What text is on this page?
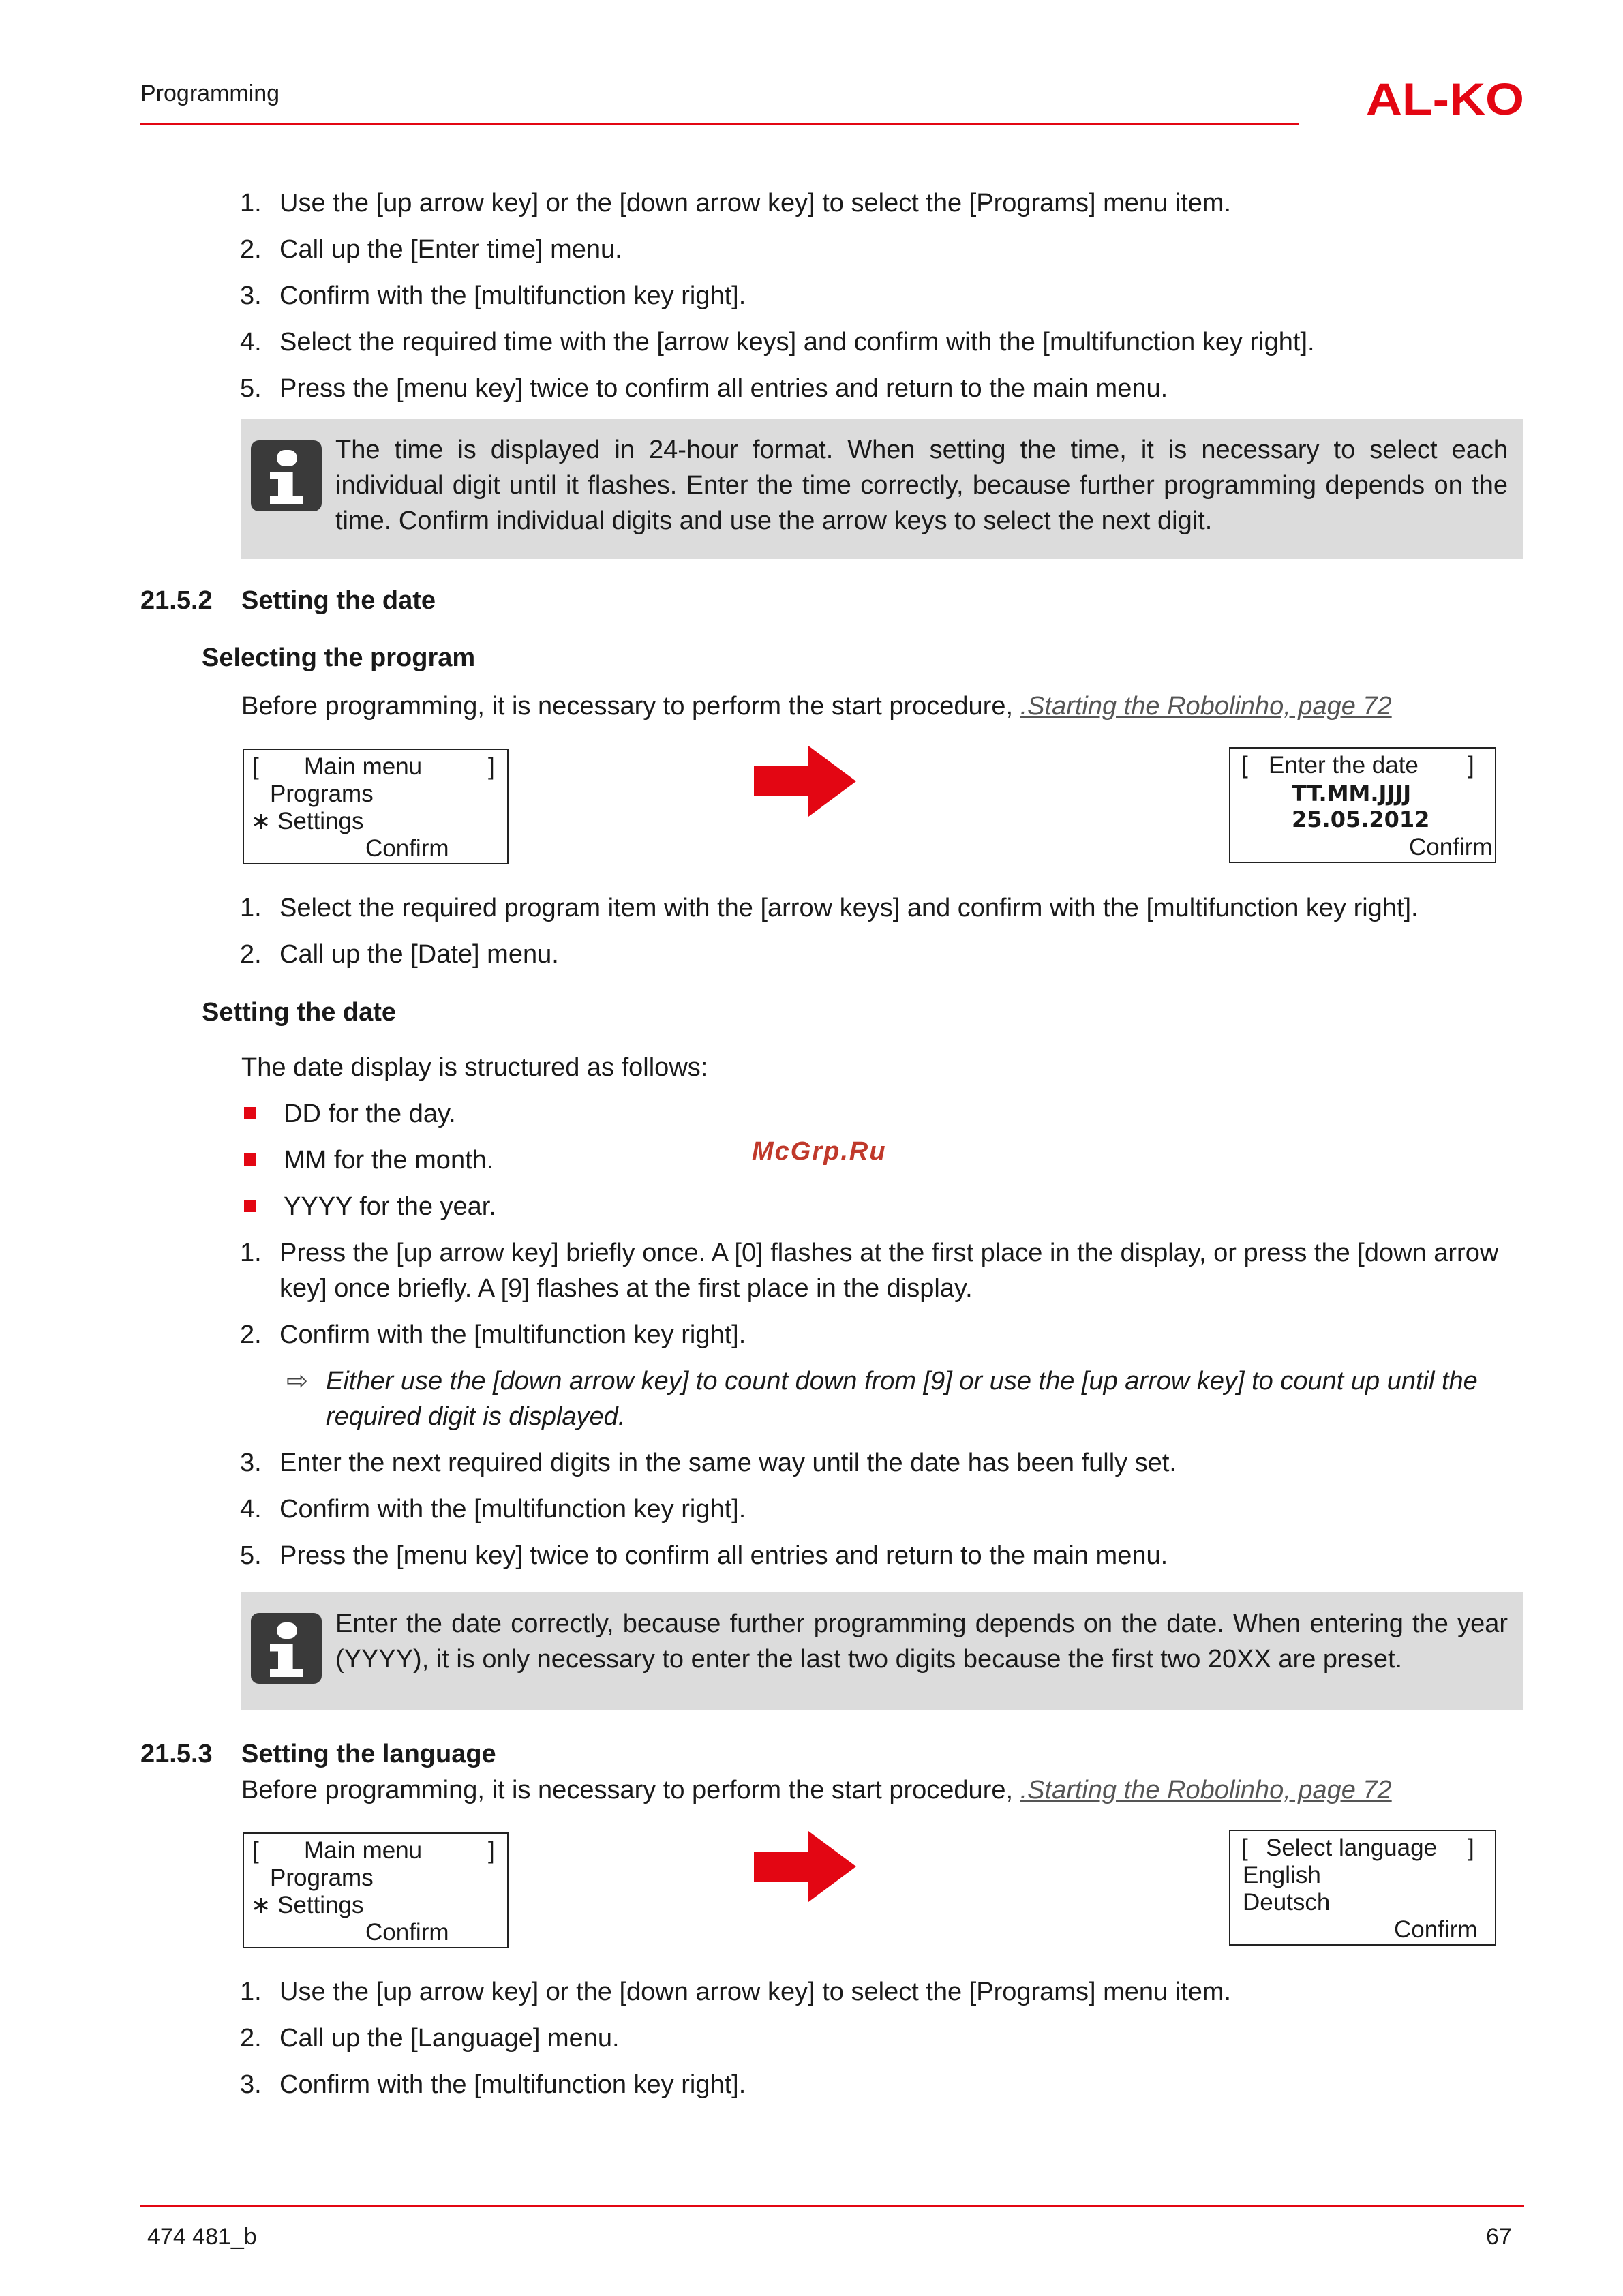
Programming	AL-KO
1. Use the [up arrow key] or the [down arrow key] to select the [Programs] menu item.
2. Call up the [Enter time] menu.
3. Confirm with the [multifunction key right].
4. Select the required time with the [arrow keys] and confirm with the [multifunction key right].
5. Press the [menu key] twice to confirm all entries and return to the main menu.
The time is displayed in 24-hour format. When setting the time, it is necessary to select each individual digit until it flashes. Enter the time correctly, because further programming depends on the time. Confirm individual digits and use the arrow keys to select the next digit.
21.5.2 Setting the date
Selecting the program
Before programming, it is necessary to perform the start procedure, .Starting the Robolinho, page 72
[ Main menu	]
Programs
∗ Settings
Confirm
[ Enter the date ]
TT.MM.JJJJ
25.05.2012
Confirm
1. Select the required program item with the [arrow keys] and confirm with the [multifunction key right].
2. Call up the [Date] menu.
Setting the date
The date display is structured as follows:
DD for the day.
MM for the month.
YYYY for the year.
McGrp.Ru
1. Press the [up arrow key] briefly once. A [0] flashes at the first place in the display, or press the [down arrow key] once briefly. A [9] flashes at the first place in the display.
2. Confirm with the [multifunction key right].
⇨ Either use the [down arrow key] to count down from [9] or use the [up arrow key] to count up until the required digit is displayed.
3. Enter the next required digits in the same way until the date has been fully set.
4. Confirm with the [multifunction key right].
5. Press the [menu key] twice to confirm all entries and return to the main menu.
Enter the date correctly, because further programming depends on the date. When entering the year (YYYY), it is only necessary to enter the last two digits because the first two 20XX are preset.
21.5.3 Setting the language
Before programming, it is necessary to perform the start procedure, .Starting the Robolinho, page 72
[ Main menu	]
Programs
∗ Settings
Confirm
[ Select language ]
English
Deutsch
Confirm
1. Use the [up arrow key] or the [down arrow key] to select the [Programs] menu item.
2. Call up the [Language] menu.
3. Confirm with the [multifunction key right].
474 481_b	67
